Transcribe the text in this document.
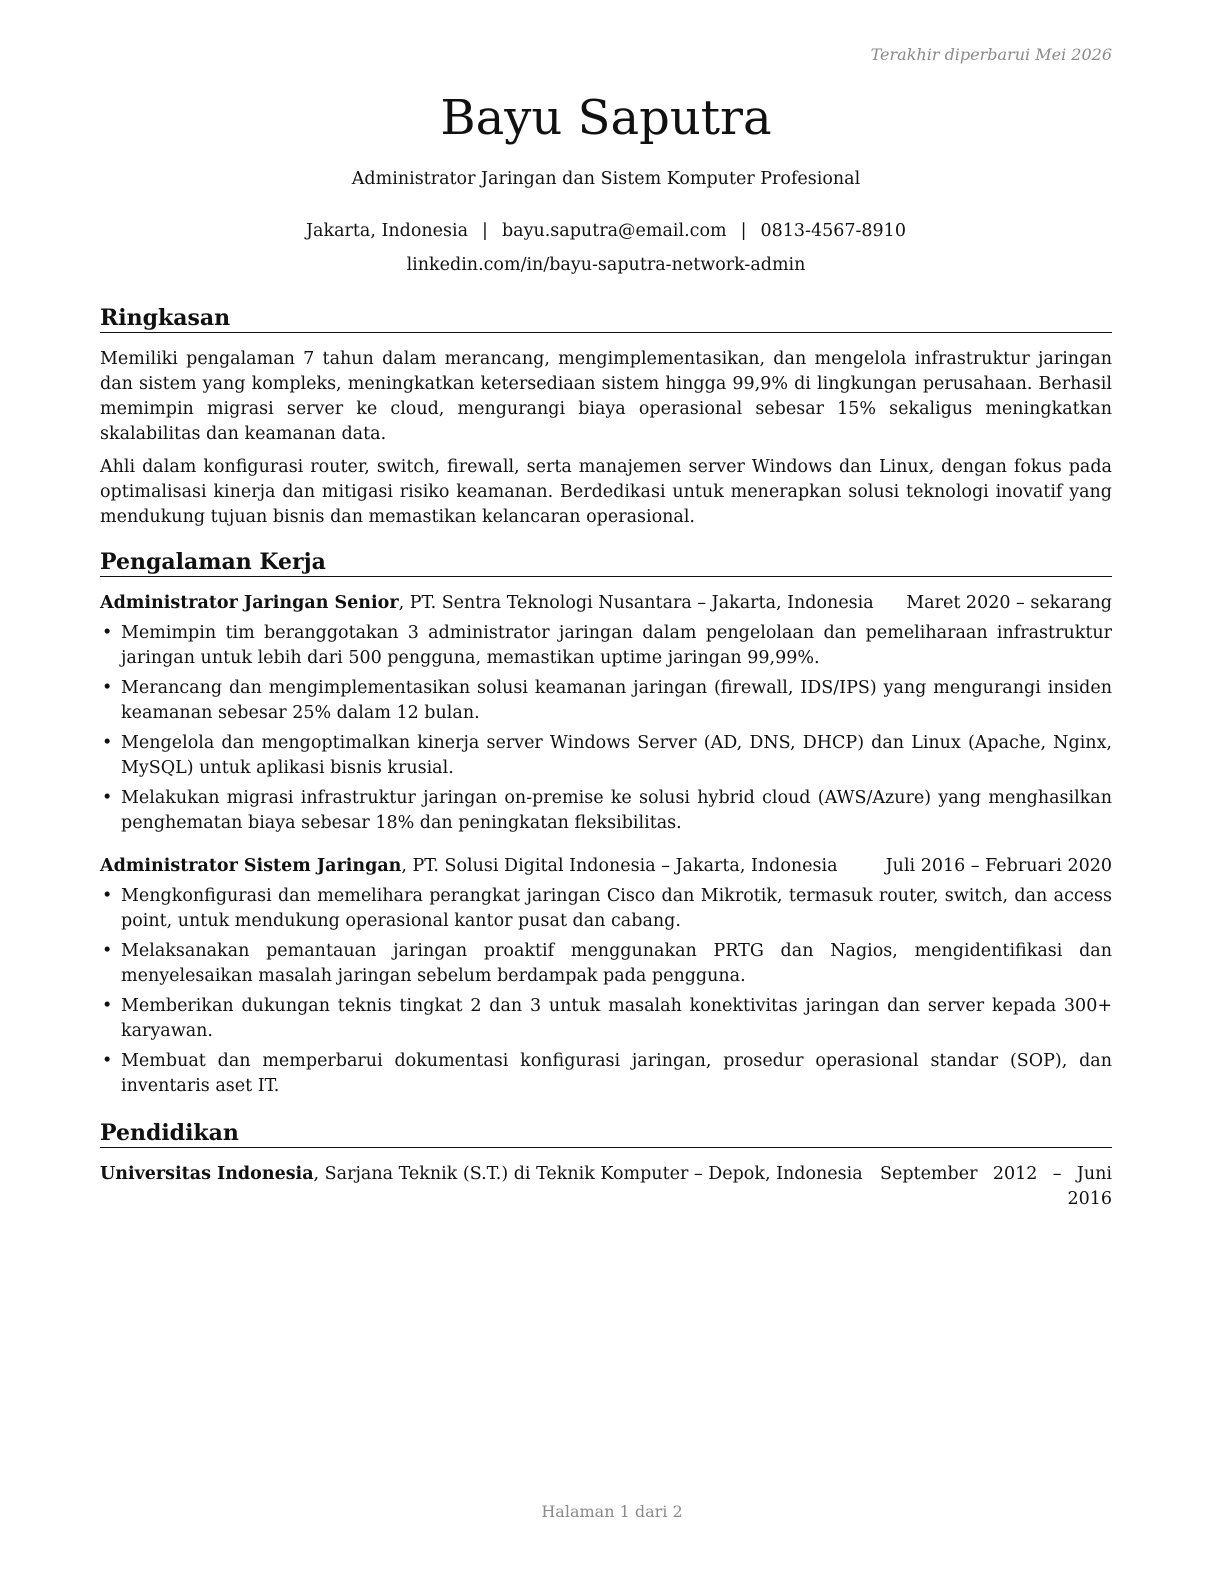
Terakhir diperbarui Mei 2026
Bayu Saputra
Administrator Jaringan dan Sistem Komputer Profesional
Jakarta, Indonesia | bayu.saputra@email.com | 0813-4567-8910
linkedin.com/in/bayu-saputra-network-admin
Ringkasan

Memiliki pengalaman 7 tahun dalam merancang, mengimplementasikan, dan mengelola infrastruktur jaringan dan sistem yang kompleks, meningkatkan ketersediaan sistem hingga 99,9% di lingkungan perusahaan. Berhasil memimpin migrasi server ke cloud, mengurangi biaya operasional sebesar 15% sekaligus meningkatkan skalabilitas dan keamanan data.

Ahli dalam konfigurasi router, switch, firewall, serta manajemen server Windows dan Linux, dengan fokus pada optimalisasi kinerja dan mitigasi risiko keamanan. Berdedikasi untuk menerapkan solusi teknologi inovatif yang mendukung tujuan bisnis dan memastikan kelancaran operasional.

Pengalaman Kerja
Administrator Jaringan Senior, PT. Sentra Teknologi Nusantara – Jakarta, Indonesia Maret 2020 – sekarang
• Memimpin tim beranggotakan 3 administrator jaringan dalam pengelolaan dan pemeliharaan infrastruktur jaringan untuk lebih dari 500 pengguna, memastikan uptime jaringan 99,99%.
• Merancang dan mengimplementasikan solusi keamanan jaringan (firewall, IDS/IPS) yang mengurangi insiden keamanan sebesar 25% dalam 12 bulan.
• Mengelola dan mengoptimalkan kinerja server Windows Server (AD, DNS, DHCP) dan Linux (Apache, Nginx, MySQL) untuk aplikasi bisnis krusial.
• Melakukan migrasi infrastruktur jaringan on-premise ke solusi hybrid cloud (AWS/Azure) yang menghasilkan penghematan biaya sebesar 18% dan peningkatan fleksibilitas.
Administrator Sistem Jaringan, PT. Solusi Digital Indonesia – Jakarta, Indonesia	Juli 2016 – Februari 2020
• Mengkonfigurasi dan memelihara perangkat jaringan Cisco dan Mikrotik, termasuk router, switch, dan access point, untuk mendukung operasional kantor pusat dan cabang.
• Melaksanakan pemantauan jaringan proaktif menggunakan PRTG dan Nagios, mengidentifikasi dan menyelesaikan masalah jaringan sebelum berdampak pada pengguna.
• Memberikan dukungan teknis tingkat 2 dan 3 untuk masalah konektivitas jaringan dan server kepada 300+ karyawan.
• Membuat dan memperbarui dokumentasi konfigurasi jaringan, prosedur operasional standar (SOP), dan inventaris aset IT.
Pendidikan
Universitas Indonesia, Sarjana Teknik (S.T.) di Teknik Komputer – Depok, Indonesia September 2012 – Juni 2016
Halaman 1 dari 2
